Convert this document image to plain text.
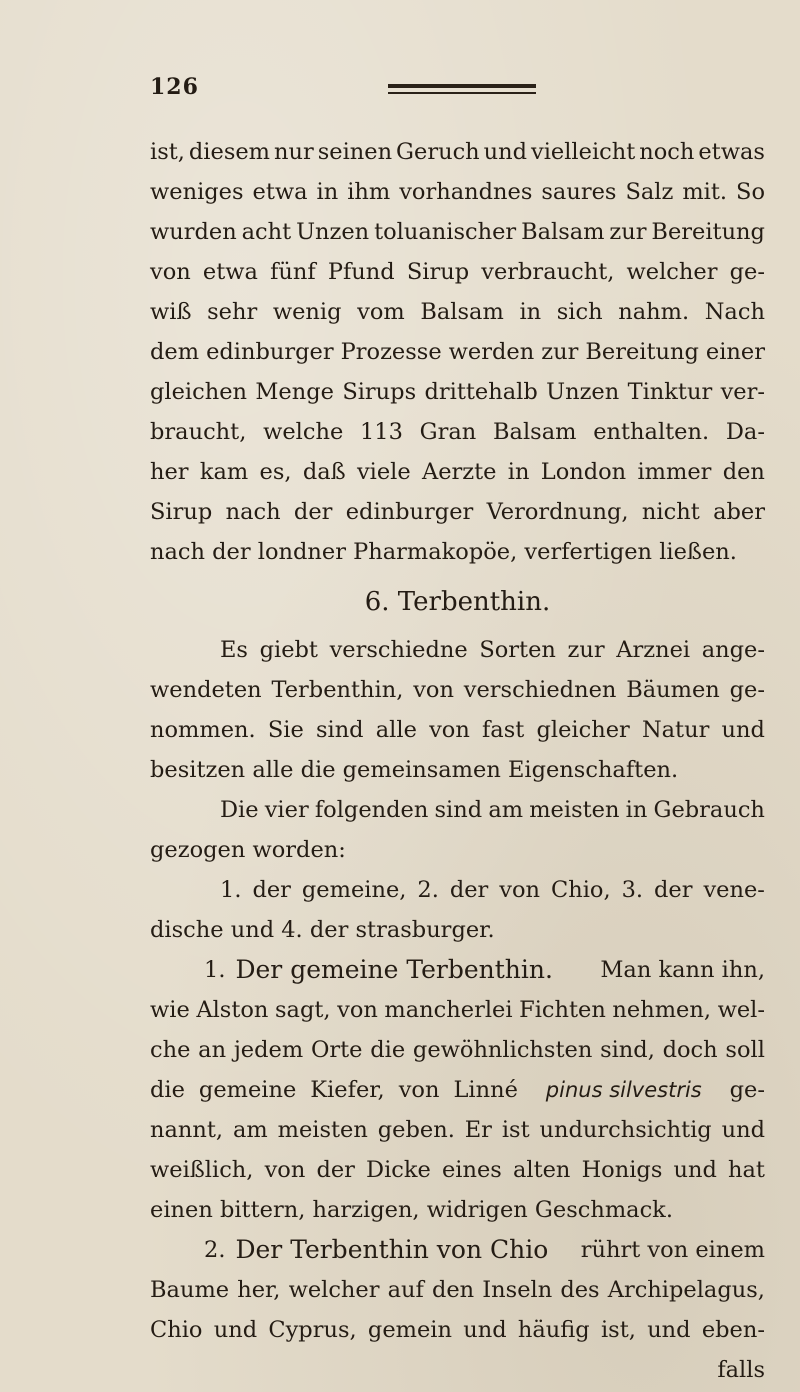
126
ist, diesem nur seinen Geruch und vielleicht noch etwas
weniges etwa in ihm vorhandnes saures Salz mit. So
wurden acht Unzen toluanischer Balsam zur Bereitung
von etwa fünf Pfund Sirup verbraucht, welcher ge-
wiß sehr wenig vom Balsam in sich nahm. Nach
dem edinburger Prozesse werden zur Bereitung einer
gleichen Menge Sirups drittehalb Unzen Tinktur ver-
braucht, welche 113 Gran Balsam enthalten. Da-
her kam es, daß viele Aerzte in London immer den
Sirup nach der edinburger Verordnung, nicht aber
nach der londner Pharmakopöe, verfertigen ließen.
6. Terbenthin.
Es giebt verschiedne Sorten zur Arznei ange-
wendeten Terbenthin, von verschiednen Bäumen ge-
nommen. Sie sind alle von fast gleicher Natur und
besitzen alle die gemeinsamen Eigenschaften.
Die vier folgenden sind am meisten in Gebrauch
gezogen worden:
1. der gemeine, 2. der von Chio, 3. der vene-
dische und 4. der strasburger.
1. Der gemeine Terbenthin. Man kann ihn,
wie Alston sagt, von mancherlei Fichten nehmen, wel-
che an jedem Orte die gewöhnlichsten sind, doch soll
die gemeine Kiefer, von Linné pinus silvestris ge-
nannt, am meisten geben. Er ist undurchsichtig und
weißlich, von der Dicke eines alten Honigs und hat
einen bittern, harzigen, widrigen Geschmack.
2. Der Terbenthin von Chio rührt von einem
Baume her, welcher auf den Inseln des Archipelagus,
Chio und Cyprus, gemein und häufig ist, und eben-
falls
